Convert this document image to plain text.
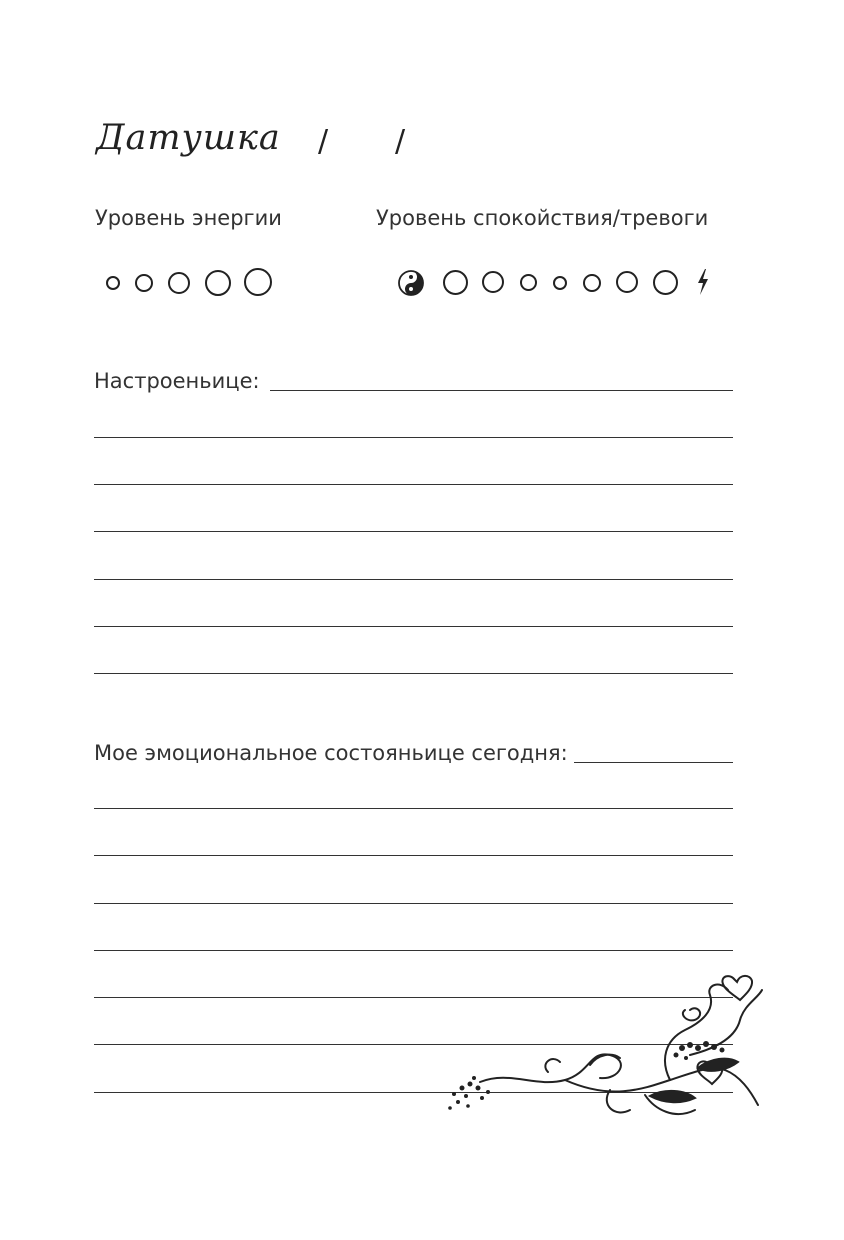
Датушка / /
Уровень энергии	Уровень спокойствия/тревоги
Настроеньице:
Мое эмоциональное состояньице сегодня:
